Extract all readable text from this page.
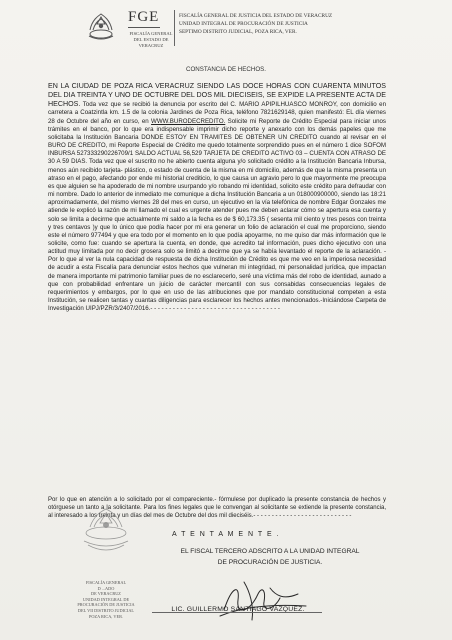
FGE
FISCALÍA GENERAL
DEL ESTADO DE VERACRUZ
FISCALÍA GENERAL DE JUSTICIA DEL ESTADO DE VERACRUZ
UNIDAD INTEGRAL DE PROCURACIÓN DE JUSTICIA
SEPTIMO DISTRITO JUDICIAL, POZA RICA, VER.
CONSTANCIA DE HECHOS.

EN LA CIUDAD DE POZA RICA VERACRUZ SIENDO LAS DOCE HORAS CON CUARENTA MINUTOS DEL DIA TREINTA Y UNO DE OCTUBRE DEL DOS MIL DIECISEIS, SE EXPIDE LA PRESENTE ACTA DE HECHOS. Toda vez que se recibió la denuncia por escrito del C. MARIO APIPILHUASCO MONROY, con domicilio en carretera a Coatzintla km. 1.5 de la colonia Jardines de Poza Rica, teléfono 7821629148, quien manifestó: EL día viernes 28 de Octubre del año en curso, en WWW.BURODECREDITO. Solicite mi Reporte de Crédito Especial para iniciar unos trámites en el banco, por lo que era indispensable imprimir dicho reporte y anexarlo con los demás papeles que me solicitaba la Institución Bancaria DONDE ESTOY EN TRAMITES DE OBTENER UN CREDITO cuando al revisar en el BURO DE CREDITO, mi Reporte Especial de Crédito me quedo totalmente sorprendido pues en el número 1 dice SOFOM INBURSA 527333290226709/1 SALDO ACTUAL 56,529 TARJETA DE CREDITO ACTIVO 03 – CUENTA CON ATRASO DE 30 A 59 DIAS. Toda vez que el suscrito no he abierto cuenta alguna y/o solicitado crédito a la Institución Bancaria Inbursa, menos aún recibido tarjeta- plástico, o estado de cuenta de la misma en mi domicilio, además de que la misma presenta un atraso en el pago, afectando por ende mi historial crediticio, lo que causa un agravio pero lo que mayormente me preocupa es que alguien se ha apoderado de mi nombre usurpando y/o robando mi identidad, solicito este crédito para defraudar con mi nombre. Dado lo anterior de inmediato me comunique a dicha Institución Bancaria a un 018000900000, siendo las 18:21 aproximadamente, del mismo viernes 28 del mes en curso, un ejecutivo en la vía telefónica de nombre Edgar Gonzales me atiende le explicó la razón de mi llamado el cual es urgente atender pues me deben aclarar cómo se apertura esa cuenta y solo se limita a decirme que actualmente mi saldo a la fecha es de $ 60,173.35 ( sesenta mil ciento y tres pesos con treinta y tres centavos )y que lo único que podía hacer por mi era generar un folio de aclaración el cual me proporciono, siendo este el número 977494 y que era todo por el momento en lo que podía apoyarme, no me quiso dar más información que le solicite, como fue: cuando se apertura la cuenta, en donde, que acredito tal información, pues dicho ejecutivo con una actitud muy limitada por no decir grosera solo se limitó a decirme que ya se había levantado el reporte de la aclaración. - Por lo que al ver la nula capacidad de respuesta de dicha Institución de Crédito es que me veo en la imperiosa necesidad de acudir a esta Fiscalía para denunciar estos hechos que vulneran mi integridad, mi personalidad jurídica, que impactan de manera importante mi patrimonio familiar pues de no esclarecerlo, seré una víctima más del robo de identidad, aunado a que con probabilidad enfrentare un juicio de carácter mercantil con sus consabidas consecuencias legales de requerimientos y embargos, por lo que en uso de las atribuciones que por mandato constitucional competen a esta Institución, se realicen tantas y cuantas diligencias para esclarecer los hechos antes mencionados.-Iniciándose Carpeta de Investigación UIPJ/PZR/3/2407/2016.- - - - - - - - - - - - - - - - - - - - - - - - - - - - - - - - - - -

Por lo que en atención a lo solicitado por el compareciente.- fórmulese por duplicado la presente constancia de hechos y otórguese un tanto a la solicitante. Para los fines legales que le convengan al solicitante se extiende la presente constancia, al interesado a los treinta y un días del mes de Octubre del dos mil dieciséis.- - - - - - - - - - - - - - - - - - - - - - - - - - -

FISCALÍA GENERAL
D ...ADO
DE VERACRUZ
UNIDAD INTEGRAL DE
PROCURACIÓN DE JUSTICIA
DEL VII DISTRITO JUDICIAL
POZA RICA, VER.
A T E N T A M E N T E .
EL FISCAL TERCERO ADSCRITO A LA UNIDAD INTEGRAL
DE PROCURACIÓN DE JUSTICIA.
LIC. GUILLERMO SANTIAGO VAZQUEZ.
